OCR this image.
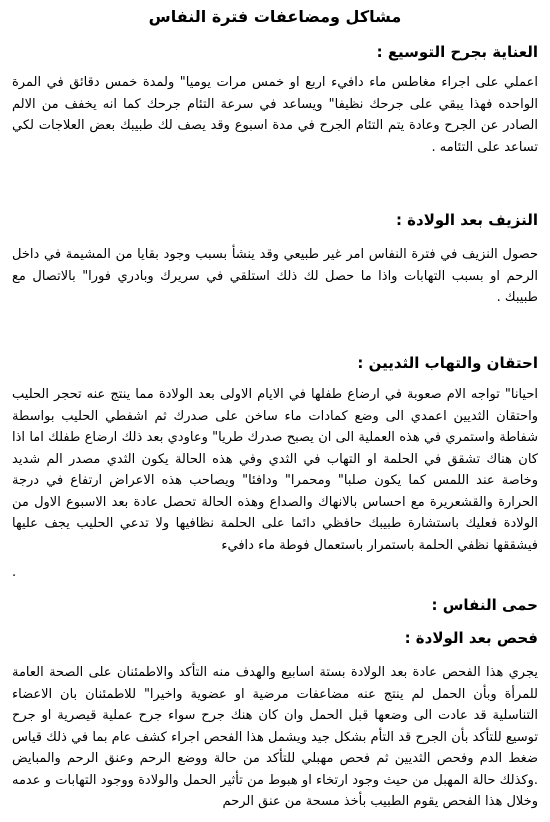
مشاكل ومضاعفات فترة النفاس
العناية بجرح التوسيع :

اعملي على اجراء مغاطس ماء دافيء اربع او خمس مرات يوميا" ولمدة خمس دقائق في المرة الواحده فهذا يبقي على جرحك نظيفا" ويساعد في سرعة التئام جرحك كما انه يخفف من الالم الصادر عن الجرح وعادة يتم التئام الجرح في مدة اسبوع وقد يصف لك طبيبك بعض العلاجات لكي تساعد على التئامه .

النزيف بعد الولادة :

حصول النزيف في فترة النفاس امر غير طبيعي وقد ينشأ بسبب وجود بقايا من المشيمة في داخل الرحم او بسبب التهابات واذا ما حصل لك ذلك استلقي في سريرك وبادري فورا" بالاتصال مع طبيبك .

احتقان والتهاب الثديين :

احيانا" تواجه الام صعوبة في ارضاع طفلها في الايام الاولى بعد الولادة مما ينتج عنه تحجر الحليب واحتقان الثديين اعمدي الى وضع كمادات ماء ساخن على صدرك ثم اشفطي الحليب بواسطة شفاطة واستمري في هذه العملية الى ان يصبح صدرك طريا" وعاودي بعد ذلك ارضاع طفلك اما اذا كان هناك تشقق في الحلمة او التهاب في الثدي وفي هذه الحالة يكون الثدي مصدر الم شديد وخاصة عند اللمس كما يكون صلبا" ومحمرا" ودافئا" ويصاحب هذه الاعراض ارتفاع في درجة الحرارة والقشعريرة مع احساس بالانهاك والصداع وهذه الحالة تحصل عادة بعد الاسبوع الاول من الولادة فعليك باستشارة طبيبك حافظي دائما على الحلمة نظافيها ولا تدعي الحليب يجف عليها فيشققها نظفي الحلمة باستمرار باستعمال فوطة ماء دافيء

.

حمى النفاس :
فحص بعد الولادة :

يجري هذا الفحص عادة بعد الولادة بستة اسابيع والهدف منه التأكد والاطمئنان على الصحة العامة للمرأة وبأن الحمل لم ينتج عنه مضاعفات مرضية او عضوية واخيرا" للاطمئنان بان الاعضاء التناسلية قد عادت الى وضعها قبل الحمل وان كان هنك جرح سواء جرح عملية قيصرية او جرح توسيع للتأكد بأن الجرح قد التأم بشكل جيد ويشمل هذا الفحص اجراء كشف عام بما في ذلك قياس ضغط الدم وفحص الثديين ثم فحص مهبلي للتأكد من حالة ووضع الرحم وعنق الرحم والمبايض .وكذلك حالة المهبل من حيث وجود ارتخاء او هبوط من تأثير الحمل والولادة ووجود التهابات و عدمه وخلال هذا الفحص يقوم الطبيب بأخذ مسحة من عنق الرحم
